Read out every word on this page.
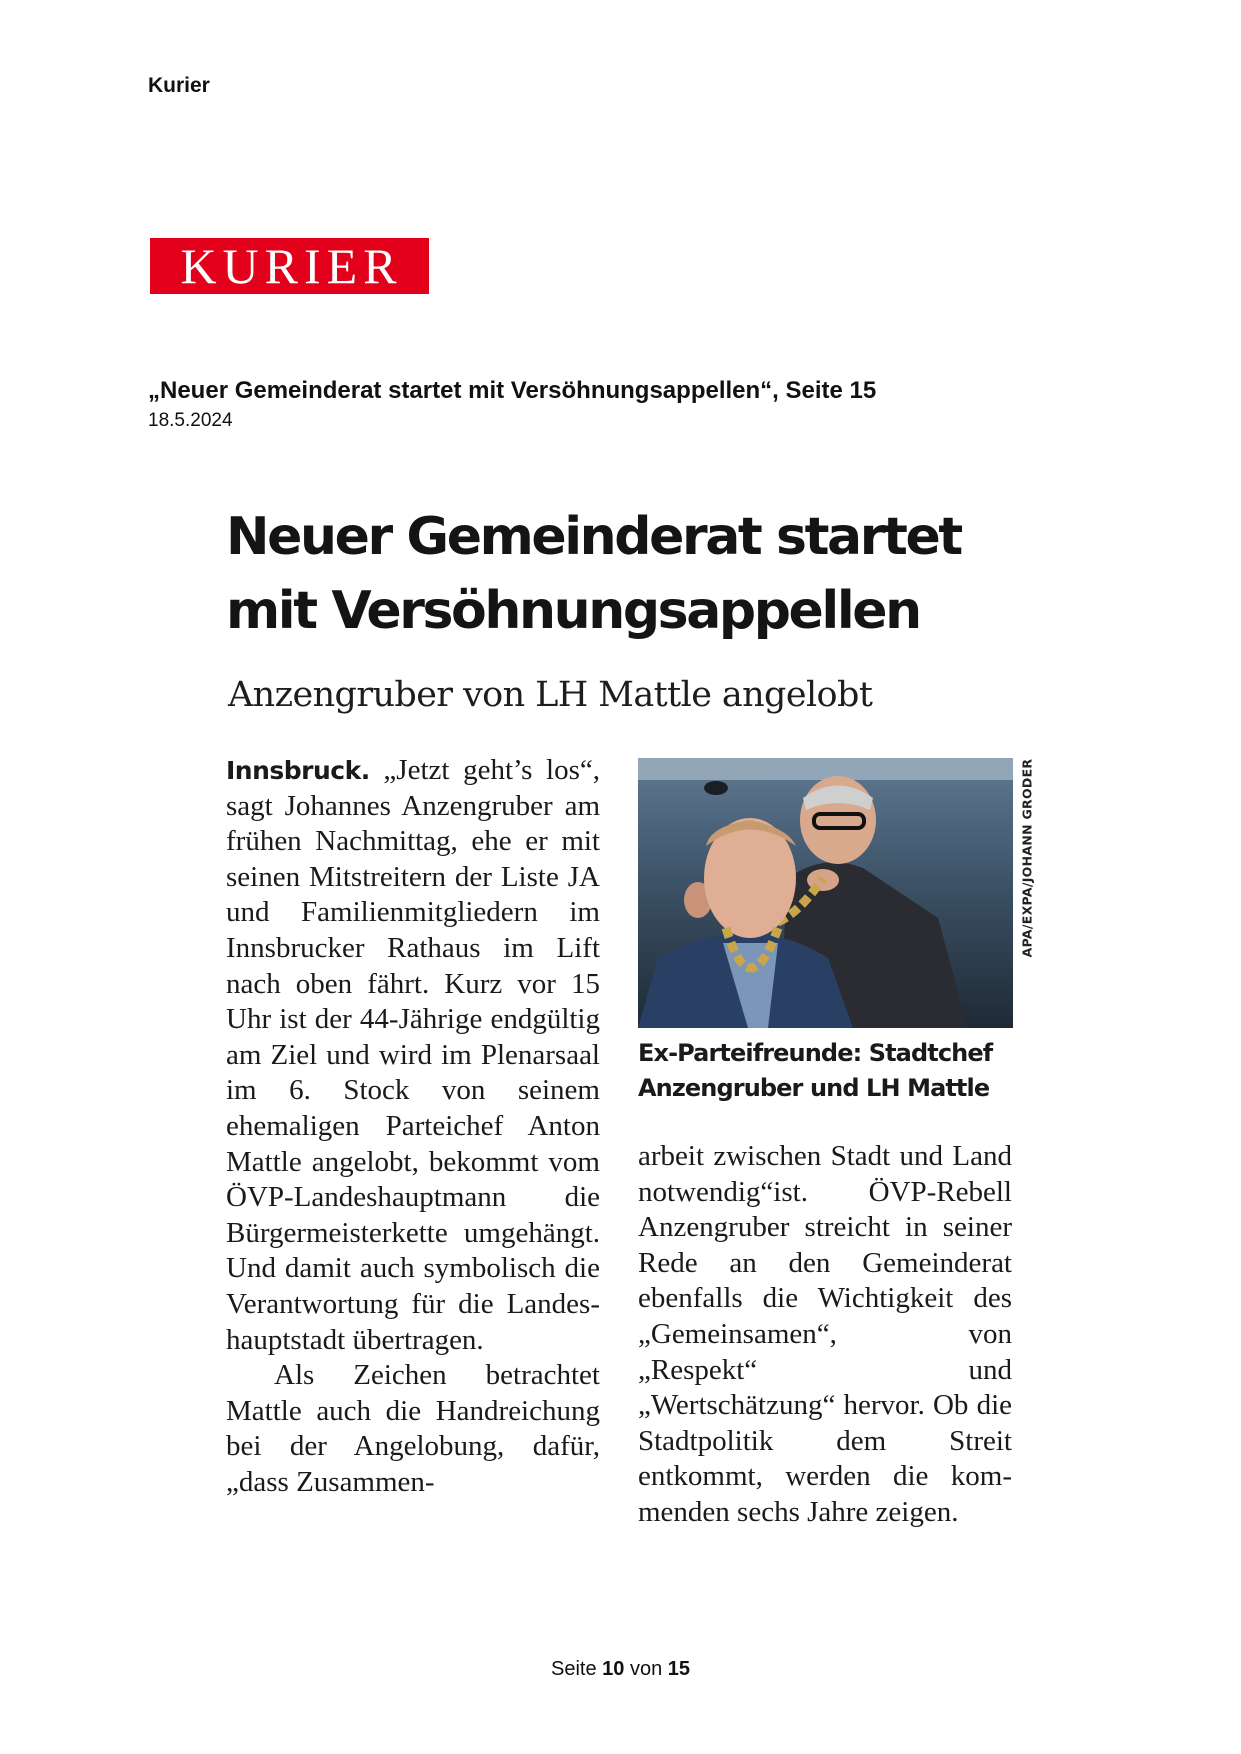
Kurier
KURIER
„Neuer Gemeinderat startet mit Versöhnungsappellen“, Seite 15
18.5.2024
Neuer Gemeinderat startet
mit Versöhnungsappellen
Anzengruber von LH Mattle angelobt

Innsbruck. „Jetzt geht’s los“, sagt Johannes Anzengruber am frühen Nachmittag, ehe er mit seinen Mitstreitern der Liste JA und Familienmitgliedern im Innsbrucker Rathaus im Lift nach oben fährt. Kurz vor 15 Uhr ist der 44-Jährige endgültig am Ziel und wird im Plenarsaal im 6. Stock von seinem ehemaligen Parteichef Anton Mattle angelobt, bekommt vom ÖVP-Landeshauptmann die Bürgermeisterkette umgehängt. Und damit auch symbolisch die Verantwortung für die Landeshauptstadt übertragen.

Als Zeichen betrachtet Mattle auch die Handreichung bei der Angelobung, dafür, „dass Zusammen-

APA/EXPA/JOHANN GRODER
Ex-Parteifreunde: Stadtchef
Anzengruber und LH Mattle

arbeit zwischen Stadt und Land notwendig“ist. ÖVP-Rebell Anzengruber streicht in seiner Rede an den Gemeinderat ebenfalls die Wichtigkeit des „Gemeinsamen“, von „Respekt“ und „Wertschätzung“ hervor. Ob die Stadtpolitik dem Streit entkommt, werden die kommenden sechs Jahre zeigen.

Seite 10 von 15
